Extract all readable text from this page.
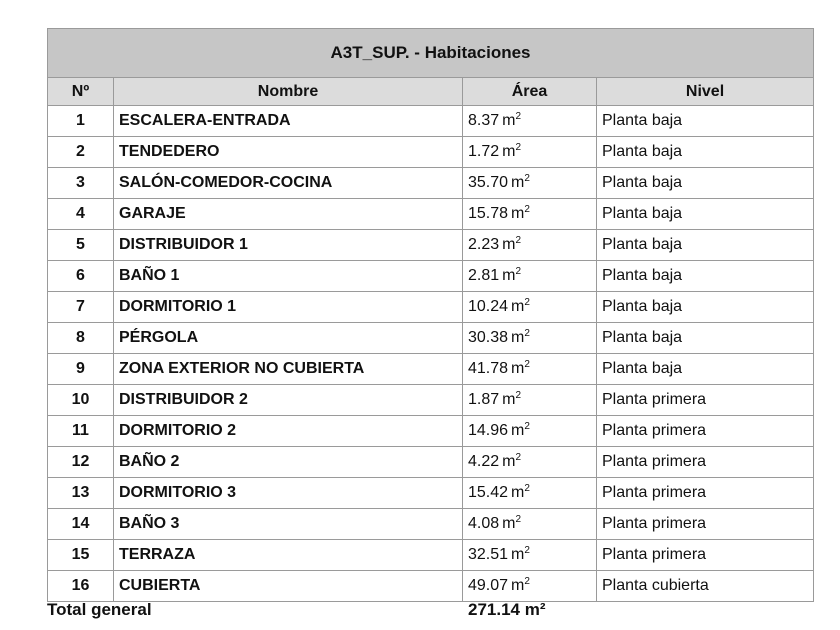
A3T_SUP. - Habitaciones			
Nº	Nombre	Área	Nivel
1	ESCALERA-ENTRADA	8.37 $m^2$	Planta baja
2	TENDEDERO	1.72 $m^2$	Planta baja
3	SALÓN-COMEDOR-COCINA	35.70 $m^2$	Planta baja
4	GARAJE	15.78 $m^2$	Planta baja
5	DISTRIBUIDOR 1	2.23 $m^2$	Planta baja
6	BAÑO 1	2.81 $m^2$	Planta baja
7	DORMITORIO 1	10.24 $m^2$	Planta baja
8	PÉRGOLA	30.38 $m^2$	Planta baja
9	ZONA EXTERIOR NO CUBIERTA	41.78 $m^2$	Planta baja
10	DISTRIBUIDOR 2	1.87 $m^2$	Planta primera
11	DORMITORIO 2	14.96 $m^2$	Planta primera
12	BAÑO 2	4.22 $m^2$	Planta primera
13	DORMITORIO 3	15.42 $m^2$	Planta primera
14	BAÑO 3	4.08 $m^2$	Planta primera
15	TERRAZA	32.51 $m^2$	Planta primera
16	CUBIERTA	49.07 $m^2$	Planta cubierta
Total general	271.14 m²
